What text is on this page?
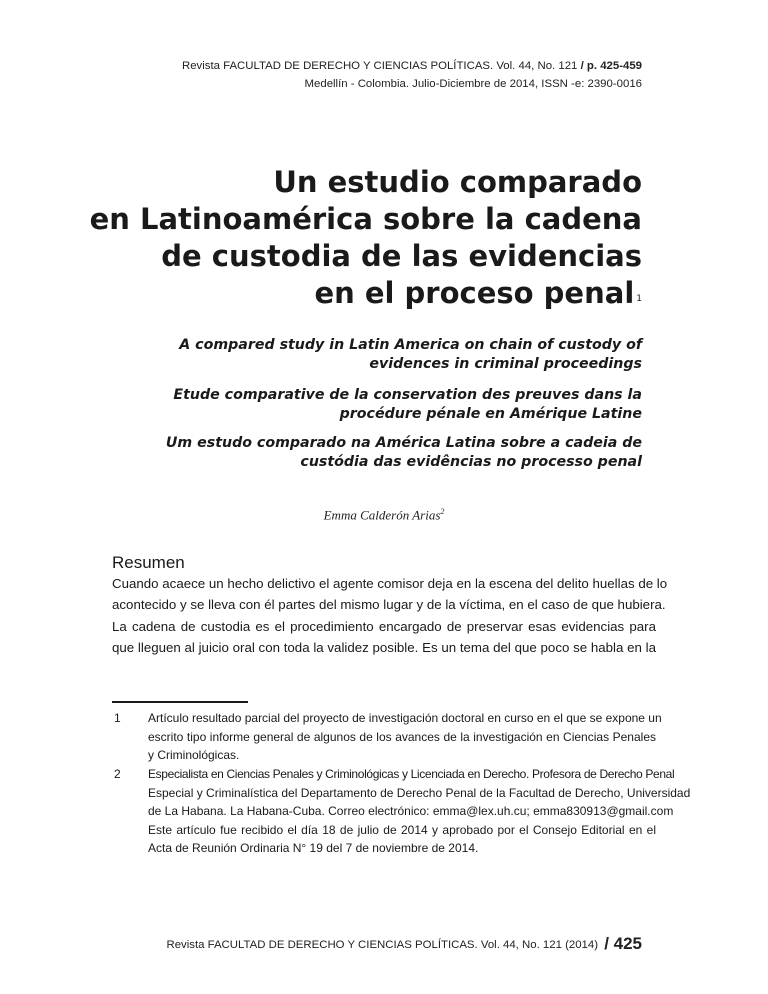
Revista FACULTAD DE DERECHO Y CIENCIAS POLÍTICAS. Vol. 44, No. 121 / p. 425-459
Medellín - Colombia. Julio-Diciembre de 2014, ISSN -e: 2390-0016
Un estudio comparado
en Latinoamérica sobre la cadena
de custodia de las evidencias
en el proceso penal $^1$
A compared study in Latin America on chain of custody of
evidences in criminal proceedings
Etude comparative de la conservation des preuves dans la
procédure pénale en Amérique Latine
Um estudo comparado na América Latina sobre a cadeia de
custódia das evidências no processo penal
Emma Calderón Arias$^2$
Resumen
Cuando acaece un hecho delictivo el agente comisor deja en la escena del delito huellas de lo
acontecido y se lleva con él partes del mismo lugar y de la víctima, en el caso de que hubiera.
La cadena de custodia es el procedimiento encargado de preservar esas evidencias para
que lleguen al juicio oral con toda la validez posible. Es un tema del que poco se habla en la
1 Artículo resultado parcial del proyecto de investigación doctoral en curso en el que se expone un
escrito tipo informe general de algunos de los avances de la investigación en Ciencias Penales
y Criminológicas.
2 Especialista en Ciencias Penales y Criminológicas y Licenciada en Derecho. Profesora de Derecho Penal
Especial y Criminalística del Departamento de Derecho Penal de la Facultad de Derecho, Universidad
de La Habana. La Habana-Cuba. Correo electrónico: emma@lex.uh.cu; emma830913@gmail.com
Este artículo fue recibido el día 18 de julio de 2014 y aprobado por el Consejo Editorial en el
Acta de Reunión Ordinaria N° 19 del 7 de noviembre de 2014.
Revista FACULTAD DE DERECHO Y CIENCIAS POLÍTICAS. Vol. 44, No. 121 (2014) / 425
